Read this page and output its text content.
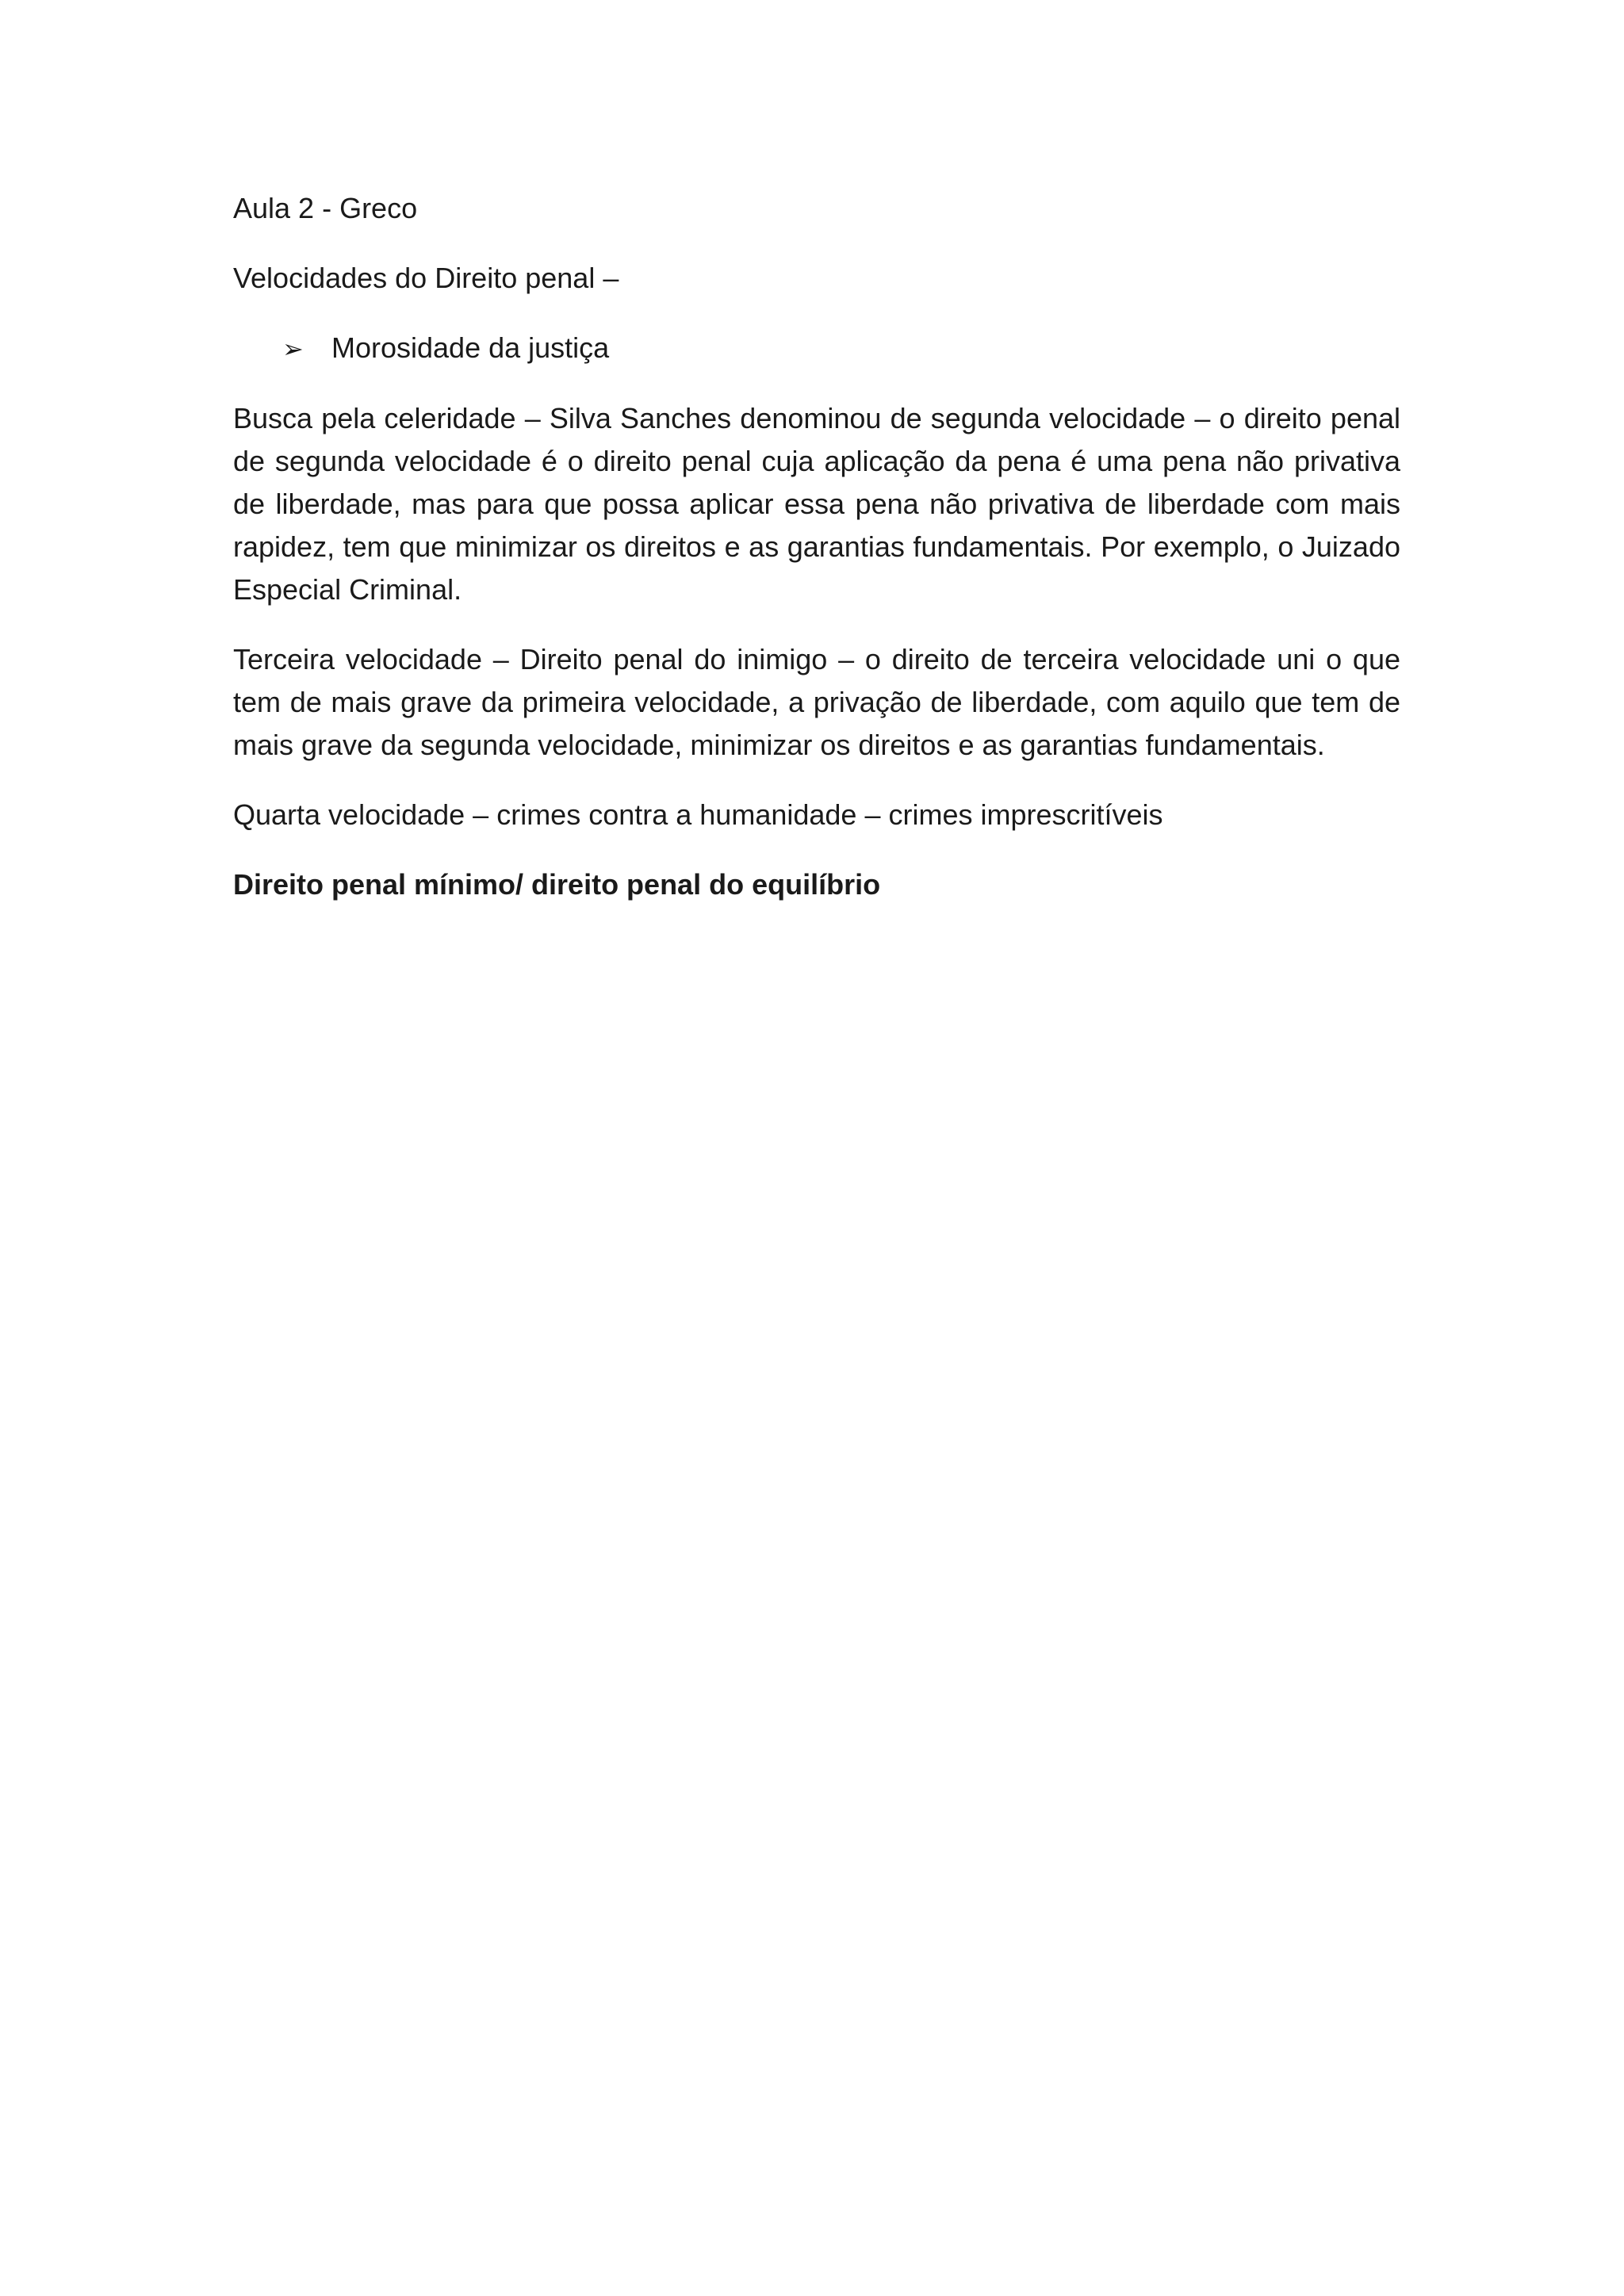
Aula 2 - Greco

Velocidades do Direito penal –

➢ Morosidade da justiça

Busca pela celeridade – Silva Sanches denominou de segunda velocidade – o direito penal de segunda velocidade é o direito penal cuja aplicação da pena é uma pena não privativa de liberdade, mas para que possa aplicar essa pena não privativa de liberdade com mais rapidez, tem que minimizar os direitos e as garantias fundamentais. Por exemplo, o Juizado Especial Criminal.

Terceira velocidade – Direito penal do inimigo – o direito de terceira velocidade uni o que tem de mais grave da primeira velocidade, a privação de liberdade, com aquilo que tem de mais grave da segunda velocidade, minimizar os direitos e as garantias fundamentais.

Quarta velocidade – crimes contra a humanidade – crimes imprescritíveis

Direito penal mínimo/ direito penal do equilíbrio
